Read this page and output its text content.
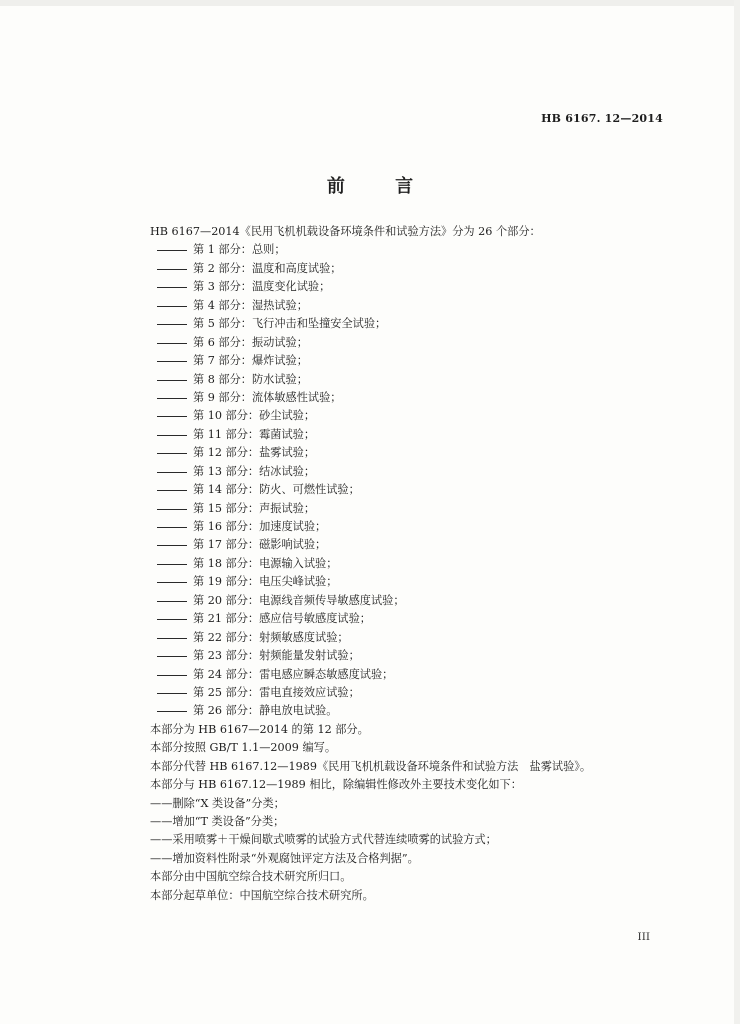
HB 6167. 12—2014
前 言
HB 6167—2014《民用飞机机载设备环境条件和试验方法》分为 26 个部分：
第 1 部分：总则；
第 2 部分：温度和高度试验；
第 3 部分：温度变化试验；
第 4 部分：湿热试验；
第 5 部分：飞行冲击和坠撞安全试验；
第 6 部分：振动试验；
第 7 部分：爆炸试验；
第 8 部分：防水试验；
第 9 部分：流体敏感性试验；
第 10 部分：砂尘试验；
第 11 部分：霉菌试验；
第 12 部分：盐雾试验；
第 13 部分：结冰试验；
第 14 部分：防火、可燃性试验；
第 15 部分：声振试验；
第 16 部分：加速度试验；
第 17 部分：磁影响试验；
第 18 部分：电源输入试验；
第 19 部分：电压尖峰试验；
第 20 部分：电源线音频传导敏感度试验；
第 21 部分：感应信号敏感度试验；
第 22 部分：射频敏感度试验；
第 23 部分：射频能量发射试验；
第 24 部分：雷电感应瞬态敏感度试验；
第 25 部分：雷电直接效应试验；
第 26 部分：静电放电试验。
本部分为 HB 6167—2014 的第 12 部分。
本部分按照 GB/T 1.1—2009 编写。
本部分代替 HB 6167.12—1989《民用飞机机载设备环境条件和试验方法　盐雾试验》。
本部分与 HB 6167.12—1989 相比，除编辑性修改外主要技术变化如下：
——删除“X 类设备”分类；
——增加“T 类设备”分类；
——采用喷雾＋干燥间歇式喷雾的试验方式代替连续喷雾的试验方式；
——增加资料性附录“外观腐蚀评定方法及合格判据”。
本部分由中国航空综合技术研究所归口。
本部分起草单位：中国航空综合技术研究所。
III
